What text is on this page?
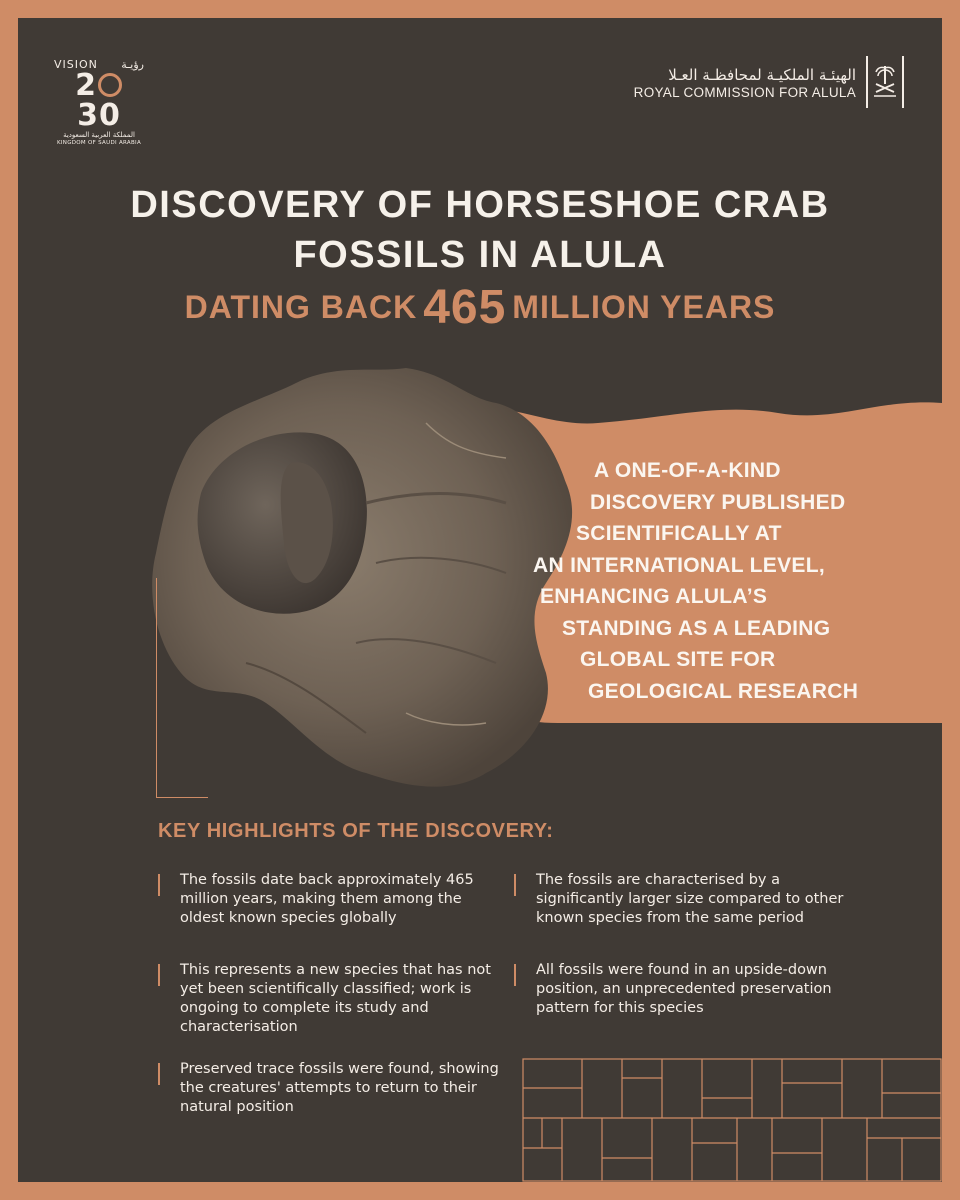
VISION رؤيـة
230
المملكة العربية السعودية
KINGDOM OF SAUDI ARABIA
الهيئـة الملكيـة لمحافظـة العـلا
ROYAL COMMISSION FOR ALULA
DISCOVERY OF HORSESHOE CRAB
FOSSILS IN ALULA
DATING BACK 465 MILLION YEARS
A ONE-OF-A-KIND
DISCOVERY PUBLISHED
SCIENTIFICALLY AT
AN INTERNATIONAL LEVEL,
ENHANCING ALULA’S
STANDING AS A LEADING
GLOBAL SITE FOR
GEOLOGICAL RESEARCH
KEY HIGHLIGHTS OF THE DISCOVERY:
The fossils date back approximately 465 million years, making them among the oldest known species globally
The fossils are characterised by a significantly larger size compared to other known species from the same period
This represents a new species that has not yet been scientifically classified; work is ongoing to complete its study and characterisation
All fossils were found in an upside-down position, an unprecedented preservation pattern for this species
Preserved trace fossils were found, showing the creatures' attempts to return to their natural position
